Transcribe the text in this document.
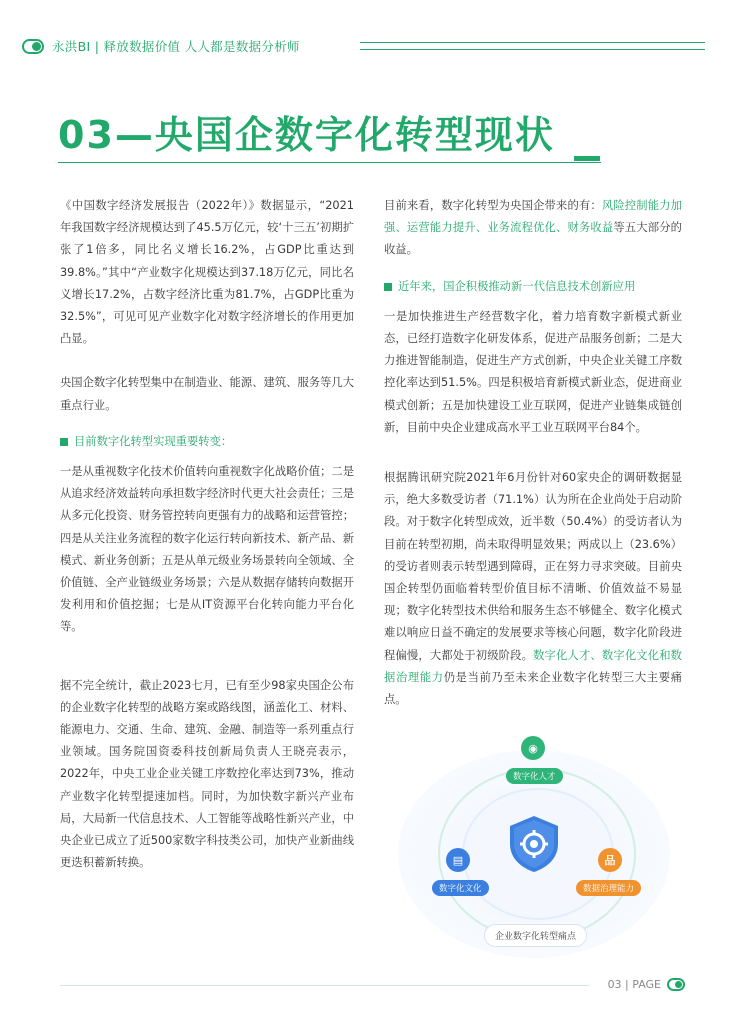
永洪BI | 释放数据价值 人人都是数据分析师
03—央国企数字化转型现状

《中国数字经济发展报告（2022年）》数据显示，“2021年我国数字经济规模达到了45.5万亿元，较‘十三五’初期扩张了1倍多，同比名义增长16.2%，占GDP比重达到39.8%。”其中“产业数字化规模达到37.18万亿元，同比名义增长17.2%，占数字经济比重为81.7%，占GDP比重为32.5%”，可见可见产业数字化对数字经济增长的作用更加凸显。

央国企数字化转型集中在制造业、能源、建筑、服务等几大重点行业。

目前数字化转型实现重要转变：

一是从重视数字化技术价值转向重视数字化战略价值；二是从追求经济效益转向承担数字经济时代更大社会责任；三是从多元化投资、财务管控转向更强有力的战略和运营管控；四是从关注业务流程的数字化运行转向新技术、新产品、新模式、新业务创新；五是从单元级业务场景转向全领域、全价值链、全产业链级业务场景；六是从数据存储转向数据开发利用和价值挖掘；七是从IT资源平台化转向能力平台化等。

据不完全统计，截止2023七月，已有至少98家央国企公布的企业数字化转型的战略方案或路线图，涵盖化工、材料、能源电力、交通、生命、建筑、金融、制造等一系列重点行业领域。国务院国资委科技创新局负责人王晓亮表示，2022年，中央工业企业关键工序数控化率达到73%，推动产业数字化转型提速加档。同时，为加快数字新兴产业布局，大局新一代信息技术、人工智能等战略性新兴产业，中央企业已成立了近500家数字科技类公司，加快产业新曲线更迭积蓄新转换。

目前来看，数字化转型为央国企带来的有：风险控制能力加强、运营能力提升、业务流程优化、财务收益等五大部分的收益。

近年来，国企积极推动新一代信息技术创新应用

一是加快推进生产经营数字化，着力培育数字新模式新业态，已经打造数字化研发体系，促进产品服务创新；二是大力推进智能制造，促进生产方式创新，中央企业关键工序数控化率达到51.5%。四是积极培育新模式新业态，促进商业模式创新；五是加快建设工业互联网，促进产业链集成链创新，目前中央企业建成高水平工业互联网平台84个。

根据腾讯研究院2021年6月份针对60家央企的调研数据显示，绝大多数受访者（71.1%）认为所在企业尚处于启动阶段。对于数字化转型成效，近半数（50.4%）的受访者认为目前在转型初期，尚未取得明显效果；两成以上（23.6%）的受访者则表示转型遇到障碍，正在努力寻求突破。目前央国企转型仍面临着转型价值目标不清晰、价值效益不易显现；数字化转型技术供给和服务生态不够健全、数字化模式难以响应日益不确定的发展要求等核心问题，数字化阶段进程偏慢，大都处于初级阶段。数字化人才、数字化文化和数据治理能力仍是当前乃至未来企业数字化转型三大主要痛点。

◉
数字化人才
▤
数字化文化
品
数据治理能力
企业数字化转型痛点
03 | PAGE
